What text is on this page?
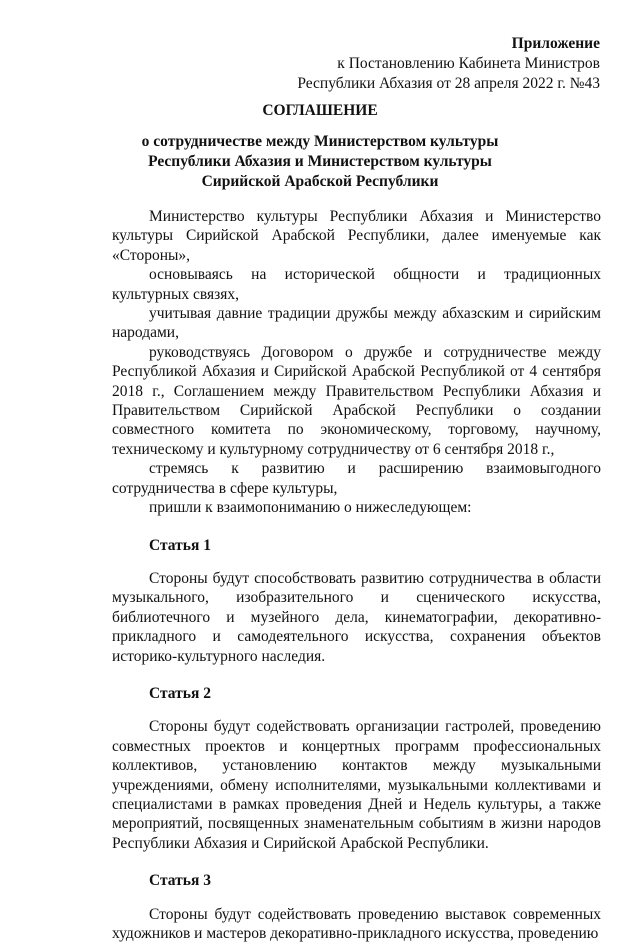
Приложение
к Постановлению Кабинета Министров
Республики Абхазия от 28 апреля 2022 г. №43
СОГЛАШЕНИЕ
о сотрудничестве между Министерством культуры
Республики Абхазия и Министерством культуры
Сирийской Арабской Республики

Министерство культуры Республики Абхазия и Министерство культуры Сирийской Арабской Республики, далее именуемые как «Стороны»,

основываясь на исторической общности и традиционных культурных связях,

учитывая давние традиции дружбы между абхазским и сирийским народами,

руководствуясь Договором о дружбе и сотрудничестве между Республикой Абхазия и Сирийской Арабской Республикой от 4 сентября 2018 г., Соглашением между Правительством Республики Абхазия и Правительством Сирийской Арабской Республики о создании совместного комитета по экономическому, торговому, научному, техническому и культурному сотрудничеству от 6 сентября 2018 г.,

стремясь к развитию и расширению взаимовыгодного сотрудничества в сфере культуры,

пришли к взаимопониманию о нижеследующем:

Статья 1

Стороны будут способствовать развитию сотрудничества в области музыкального, изобразительного и сценического искусства, библиотечного и музейного дела, кинематографии, декоративно-прикладного и самодеятельного искусства, сохранения объектов историко-культурного наследия.

Статья 2

Стороны будут содействовать организации гастролей, проведению совместных проектов и концертных программ профессиональных коллективов, установлению контактов между музыкальными учреждениями, обмену исполнителями, музыкальными коллективами и специалистами в рамках проведения Дней и Недель культуры, а также мероприятий, посвященных знаменательным событиям в жизни народов Республики Абхазия и Сирийской Арабской Республики.

Статья 3

Стороны будут содействовать проведению выставок современных художников и мастеров декоративно-прикладного искусства, проведению
